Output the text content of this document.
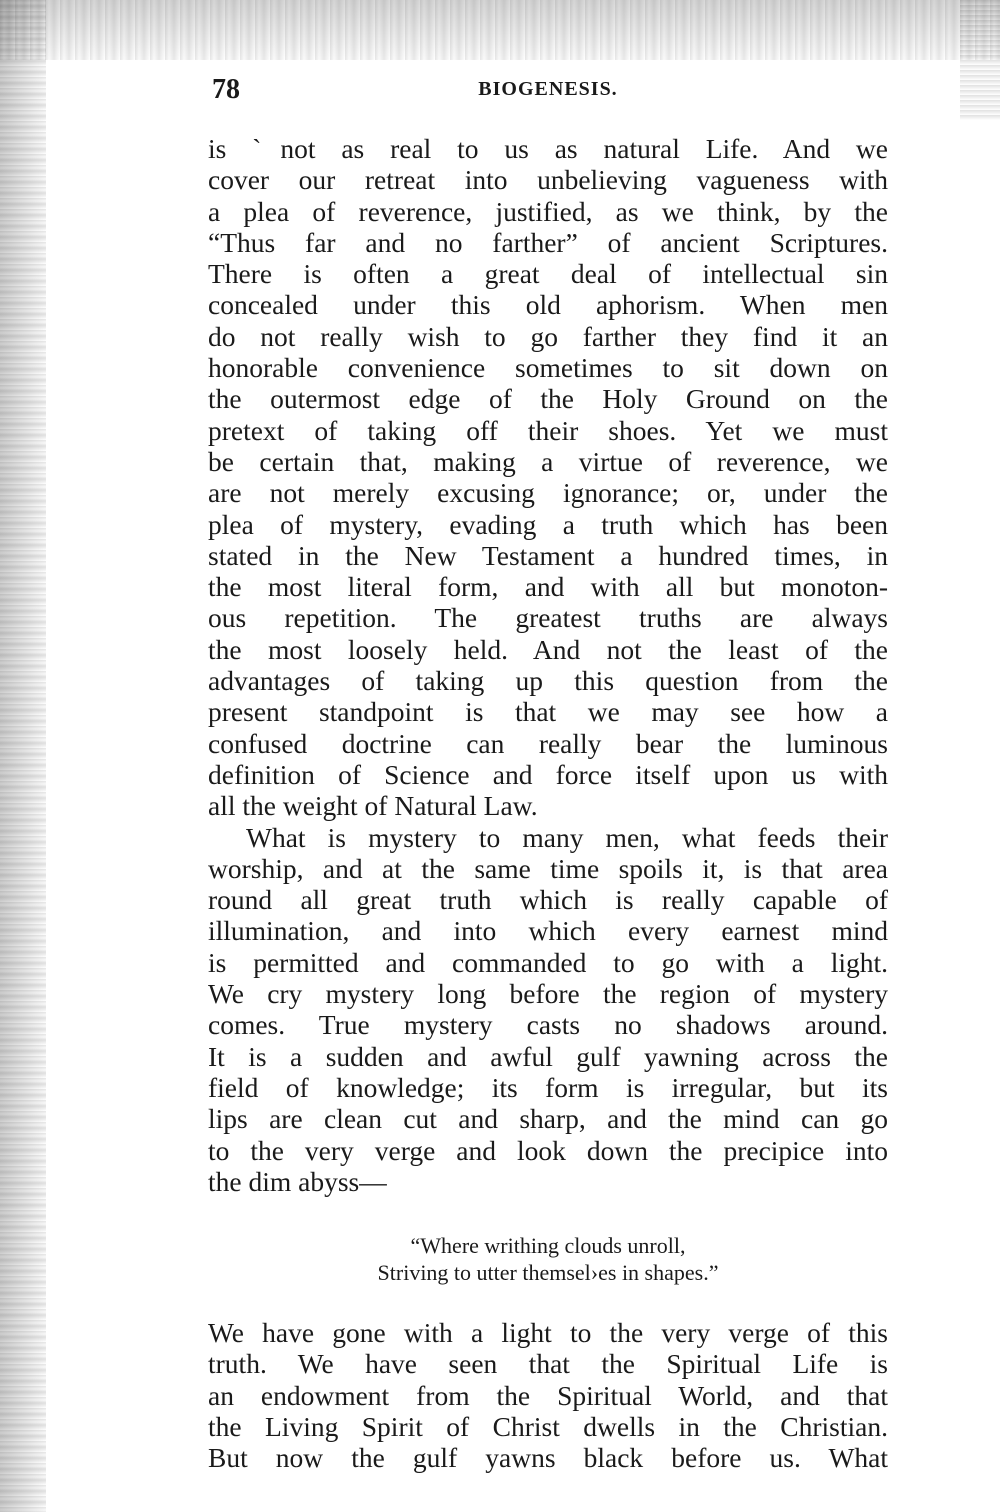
78	BIOGENESIS.
is ˋnot as real to us as natural Life. And we
cover our retreat into unbelieving vagueness with
a plea of reverence, justified, as we think, by the
“Thus far and no farther” of ancient Scriptures.
There is often a great deal of intellectual sin
concealed under this old aphorism. When men
do not really wish to go farther they find it an
honorable convenience sometimes to sit down on
the outermost edge of the Holy Ground on the
pretext of taking off their shoes. Yet we must
be certain that, making a virtue of reverence, we
are not merely excusing ignorance; or, under the
plea of mystery, evading a truth which has been
stated in the New Testament a hundred times, in
the most literal form, and with all but monoton-
ous repetition. The greatest truths are always
the most loosely held. And not the least of the
advantages of taking up this question from the
present standpoint is that we may see how a
confused doctrine can really bear the luminous
definition of Science and force itself upon us with
all the weight of Natural Law.
What is mystery to many men, what feeds their
worship, and at the same time spoils it, is that area
round all great truth which is really capable of
illumination, and into which every earnest mind
is permitted and commanded to go with a light.
We cry mystery long before the region of mystery
comes. True mystery casts no shadows around.
It is a sudden and awful gulf yawning across the
field of knowledge; its form is irregular, but its
lips are clean cut and sharp, and the mind can go
to the very verge and look down the precipice into
the dim abyss—
“Where writhing clouds unroll,
Striving to utter themsel›es in shapes.”
We have gone with a light to the very verge of this
truth. We have seen that the Spiritual Life is
an endowment from the Spiritual World, and that
the Living Spirit of Christ dwells in the Christian.
But now the gulf yawns black before us. What
